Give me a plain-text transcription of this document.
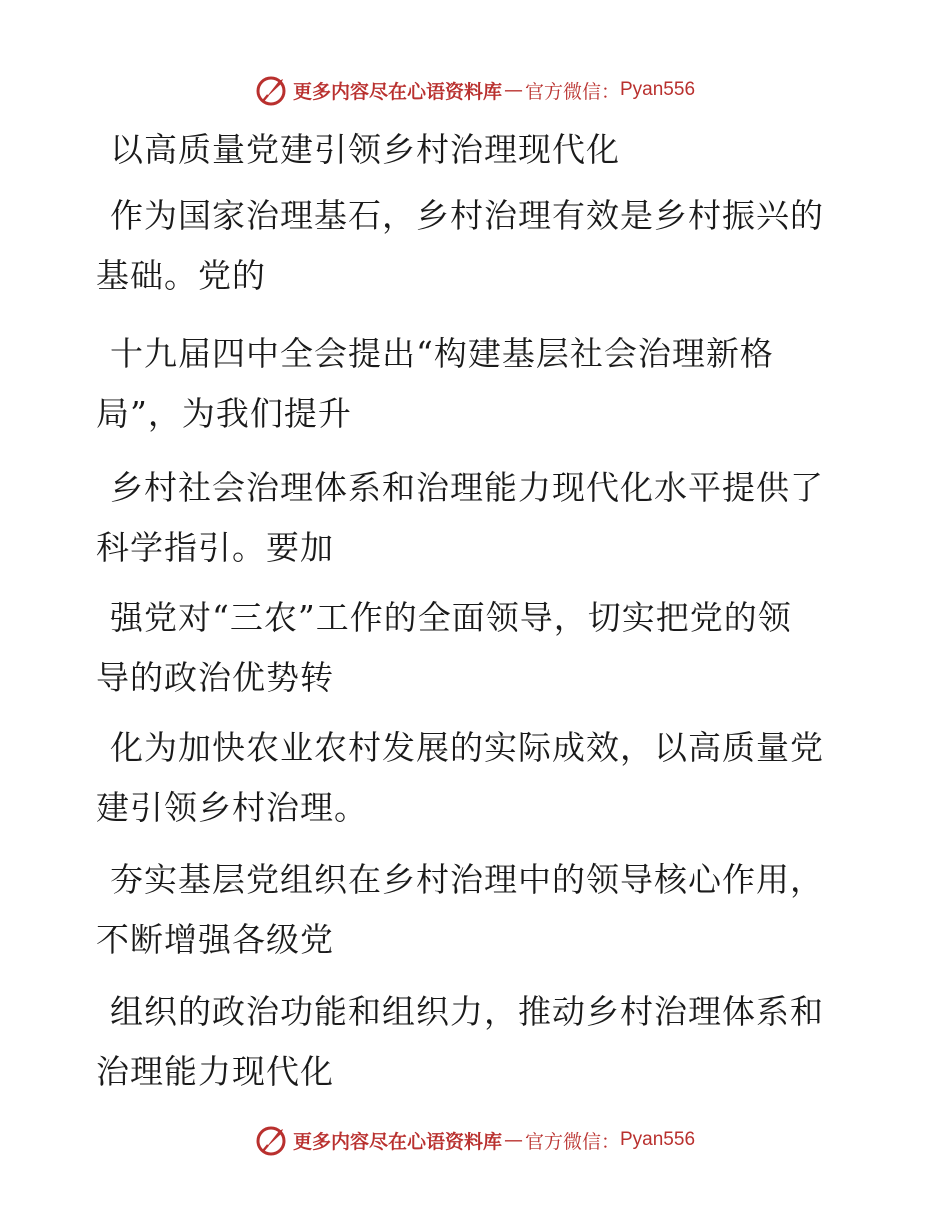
更多内容尽在心语资料库 — 官方微信： Pyan556
以高质量党建引领乡村治理现代化

作为国家治理基石，乡村治理有效是乡村振兴的
基础。党的

十九届四中全会提出“构建基层社会治理新格
局”，为我们提升

乡村社会治理体系和治理能力现代化水平提供了
科学指引。要加

强党对“三农”工作的全面领导，切实把党的领
导的政治优势转

化为加快农业农村发展的实际成效，以高质量党
建引领乡村治理。

夯实基层党组织在乡村治理中的领导核心作用，
不断增强各级党

组织的政治功能和组织力，推动乡村治理体系和
治理能力现代化

更多内容尽在心语资料库 — 官方微信： Pyan556
